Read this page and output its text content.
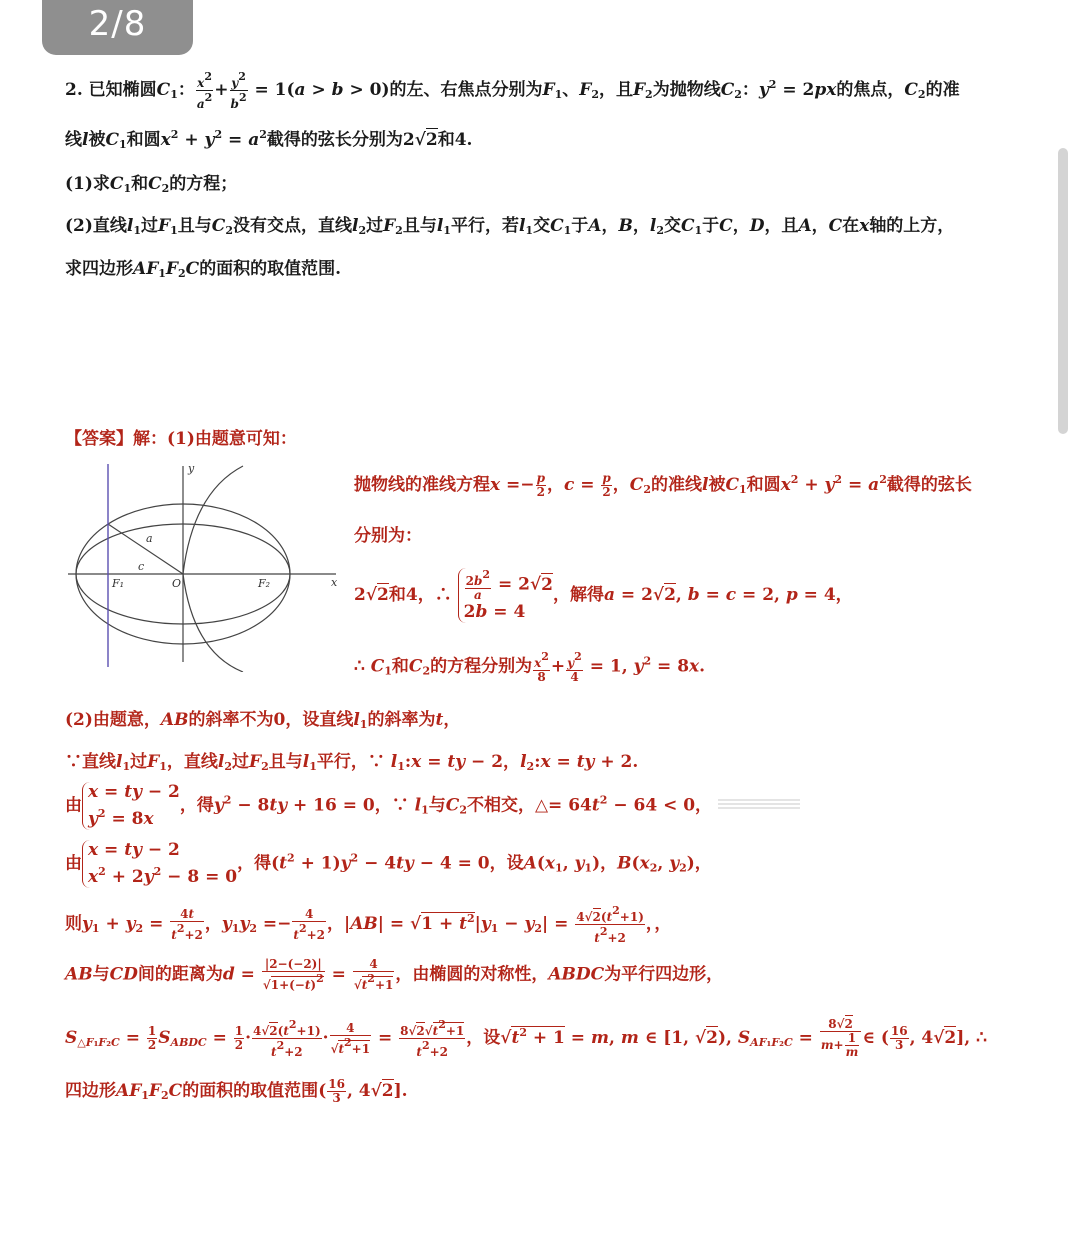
2/8
2. 已知椭圆$C_1$： $\frac{x^2}{a^2} + \frac{y^2}{b^2} = 1(a > b > 0)$的左、右焦点分别为$F_1$、$F_2$，且$F_2$为抛物线$C_2$：$y^2 = 2px$的焦点，$C_2$的准
线l被$C_1$和圆$x^2 + y^2 = a^2$截得的弦长分别为2√2和4.
(1)求$C_1$和$C_2$的方程；
(2)直线$l_1$过$F_1$且与$C_2$没有交点，直线$l_2$过$F_2$且与$l_1$平行，若$l_1$交$C_1$于A，B，$l_2$交$C_1$于C，D，且A，C在x轴的上方，
求四边形$AF_1F_2C$的面积的取值范围.
【答案】解：(1)由题意可知：
y
x
a
c
F₁	O	F₂
抛物线的准线方程$x =- \frac{p}{2}$ ，$c = \frac{p}{2}$ ，$C_2$的准线l被$C_1$和圆$x^2 + y^2 = a^2$截得的弦长
分别为：
2√2和4，∴ $\frac{2b^2}{a} = 2√2$
2b = 4，解得a = 2√2, b = c = 2, p = 4，
∴ $C_1$和$C_2$的方程分别为 $\frac{x^2}{8} + \frac{y^2}{4} = 1$, $y^2 = 8x$.
(2)由题意，AB的斜率不为0，设直线$l_1$的斜率为t，
∵直线$l_1$过$F_1$，直线$l_2$过$F_2$且与$l_1$平行，∵ $l_1:x$ = ty − 2，$l_2:x$ = ty + 2.
由x = ty − 2
$y^2 = 8x$，得$y^2 - 8ty + 16 = 0$，∵ $l_1$与$C_2$不相交，△= $64t^2 - 64 < 0$，
由x = ty − 2
$x^2 + 2y^2 - 8 = 0$，得$(t^2 + 1)y^2 - 4ty - 4 = 0$，设$A(x_1$, $y_1$)，$B(x_2$, $y_2$)，
则$y_1 + y_2 = \frac{4t}{t^2+2}$ ，$y_1y_2 =- \frac{4}{t^2+2}$ ，$|AB| = √1 + t^2|y_1 - y_2| = \frac{4√2(t^2+1)}{t^2+2}$ ，，
AB与CD间的距离为$d = \frac{|2-(-2)|}{√1+(-t)^2} = \frac{4}{√t^2+1}$ ，由椭圆的对称性，ABDC为平行四边形，
$S_{\triangle F_1F_2C} = \frac{1}{2} S_{ABDC} = \frac{1}{2} \cdot \frac{4√2(t^2+1)}{t^2+2} \cdot \frac{4}{√t^2+1} = \frac{8√2√t^2+1}{t^2+2}$ ，设$√t^2 + 1 = m$, m ∈ [1, √2), $S_{AF_1F_2C} = \frac{8√2}{m+ \frac{1}{m}}$ ∈ ( $\frac{16}{3}$ , 4√2], ∴
四边形$AF_1F_2C$的面积的取值范围( $\frac{16}{3}$ , 4√2].
